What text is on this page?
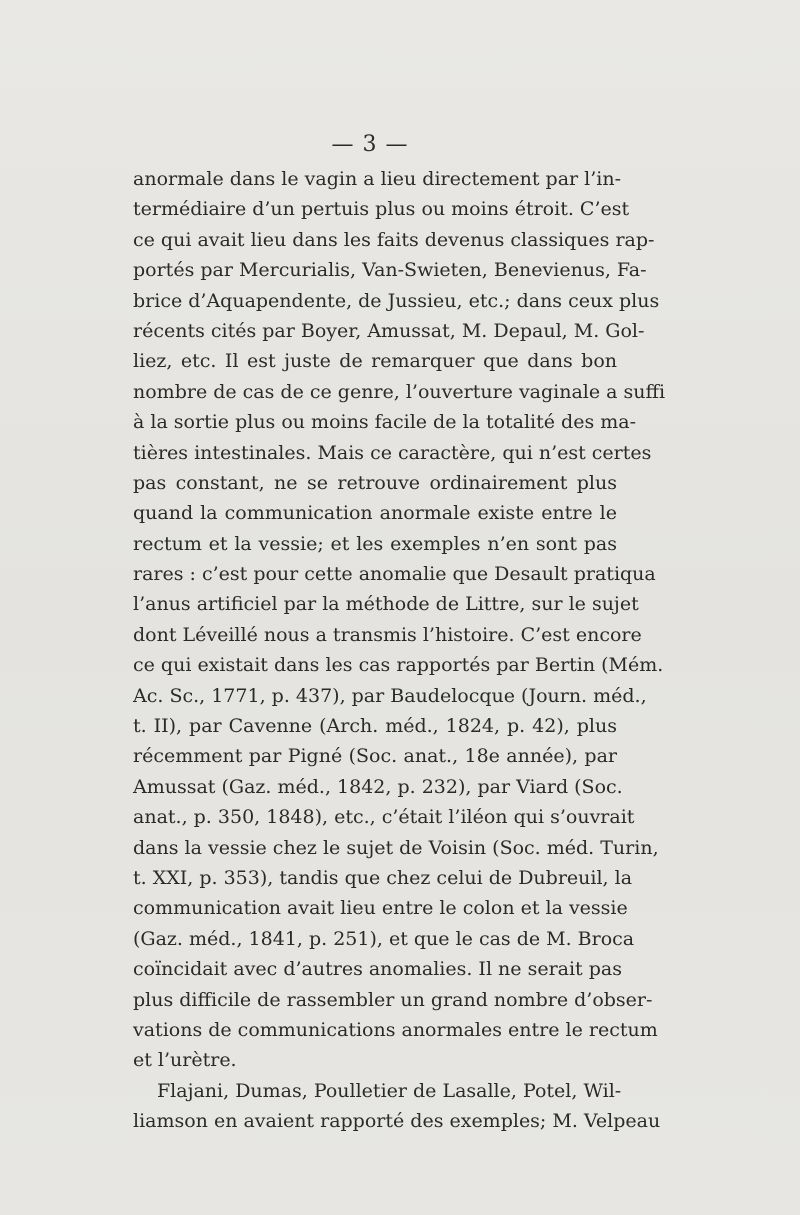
— 3 —
anormale dans le vagin a lieu directement par l’in-
termédiaire d’un pertuis plus ou moins étroit. C’est
ce qui avait lieu dans les faits devenus classiques rap-
portés par Mercurialis, Van-Swieten, Benevienus, Fa-
brice d’Aquapendente, de Jussieu, etc.; dans ceux plus
récents cités par Boyer, Amussat, M. Depaul, M. Gol-
liez, etc. Il est juste de remarquer que dans bon
nombre de cas de ce genre, l’ouverture vaginale a suffi
à la sortie plus ou moins facile de la totalité des ma-
tières intestinales. Mais ce caractère, qui n’est certes
pas constant, ne se retrouve ordinairement plus
quand la communication anormale existe entre le
rectum et la vessie; et les exemples n’en sont pas
rares : c’est pour cette anomalie que Desault pratiqua
l’anus artificiel par la méthode de Littre, sur le sujet
dont Léveillé nous a transmis l’histoire. C’est encore
ce qui existait dans les cas rapportés par Bertin (Mém.
Ac. Sc., 1771, p. 437), par Baudelocque (Journ. méd.,
t. II), par Cavenne (Arch. méd., 1824, p. 42), plus
récemment par Pigné (Soc. anat., 18e année), par
Amussat (Gaz. méd., 1842, p. 232), par Viard (Soc.
anat., p. 350, 1848), etc., c’était l’iléon qui s’ouvrait
dans la vessie chez le sujet de Voisin (Soc. méd. Turin,
t. XXI, p. 353), tandis que chez celui de Dubreuil, la
communication avait lieu entre le colon et la vessie
(Gaz. méd., 1841, p. 251), et que le cas de M. Broca
coïncidait avec d’autres anomalies. Il ne serait pas
plus difficile de rassembler un grand nombre d’obser-
vations de communications anormales entre le rectum
et l’urètre.
Flajani, Dumas, Poulletier de Lasalle, Potel, Wil-
liamson en avaient rapporté des exemples; M. Velpeau
